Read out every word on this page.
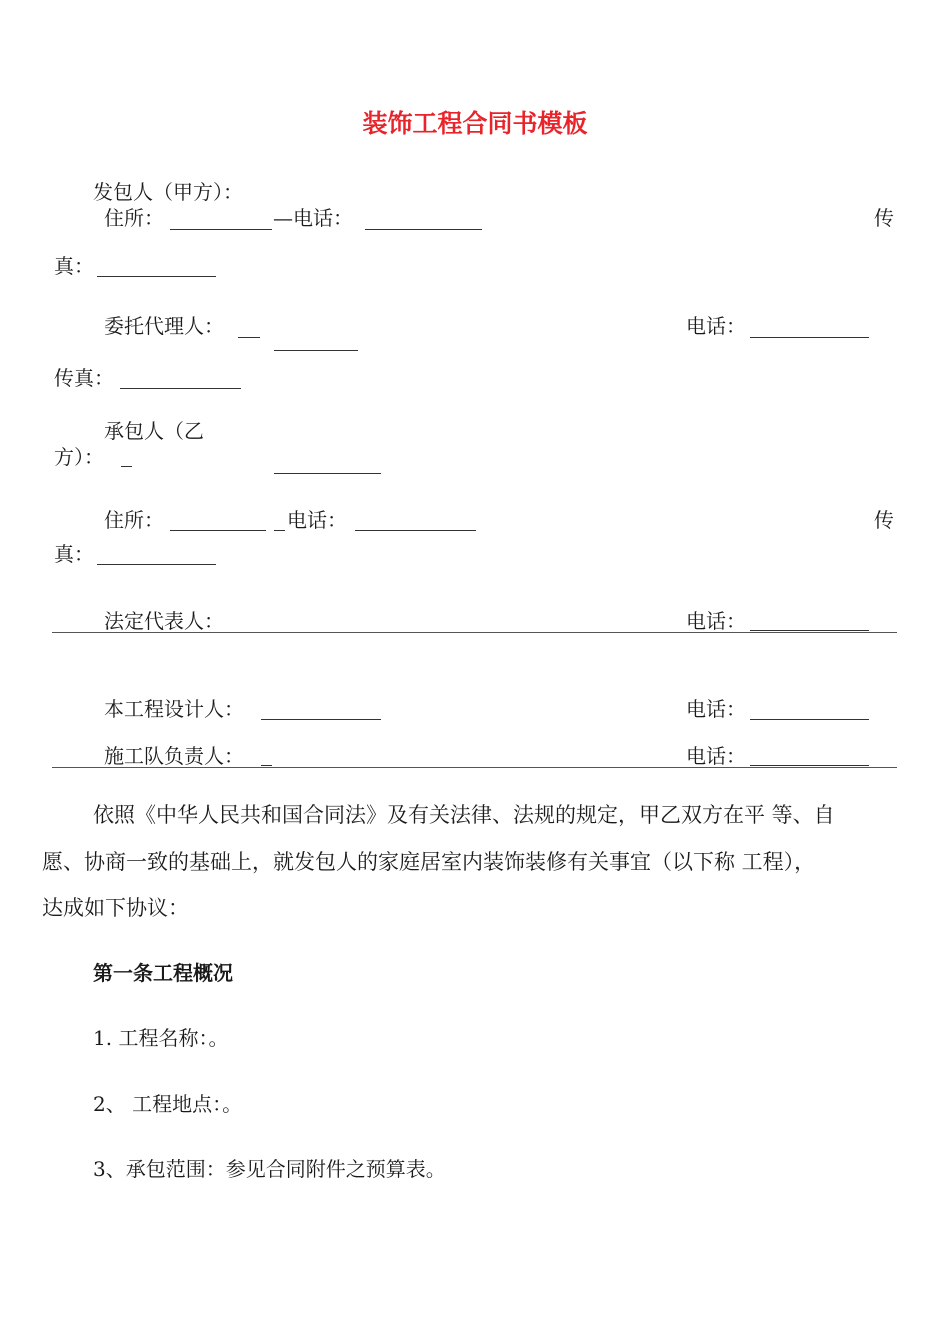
装饰工程合同书模板
发包人（甲方）：
住所：	—电话：	传
真：
委托代理人：	电话：
传真：
承包人（乙
方）：
住所：	电话：	传
真：
法定代表人：	电话：
本工程设计人：	电话：
施工队负责人：	电话：
依照《中华人民共和国合同法》及有关法律、法规的规定，甲乙双方在平 等、自
愿、协商一致的基础上，就发包人的家庭居室内装饰装修有关事宜（以下称 工程），
达成如下协议：
第一条工程概况
1. 工程名称：。
2、 工程地点：。
3、承包范围：参见合同附件之预算表。
